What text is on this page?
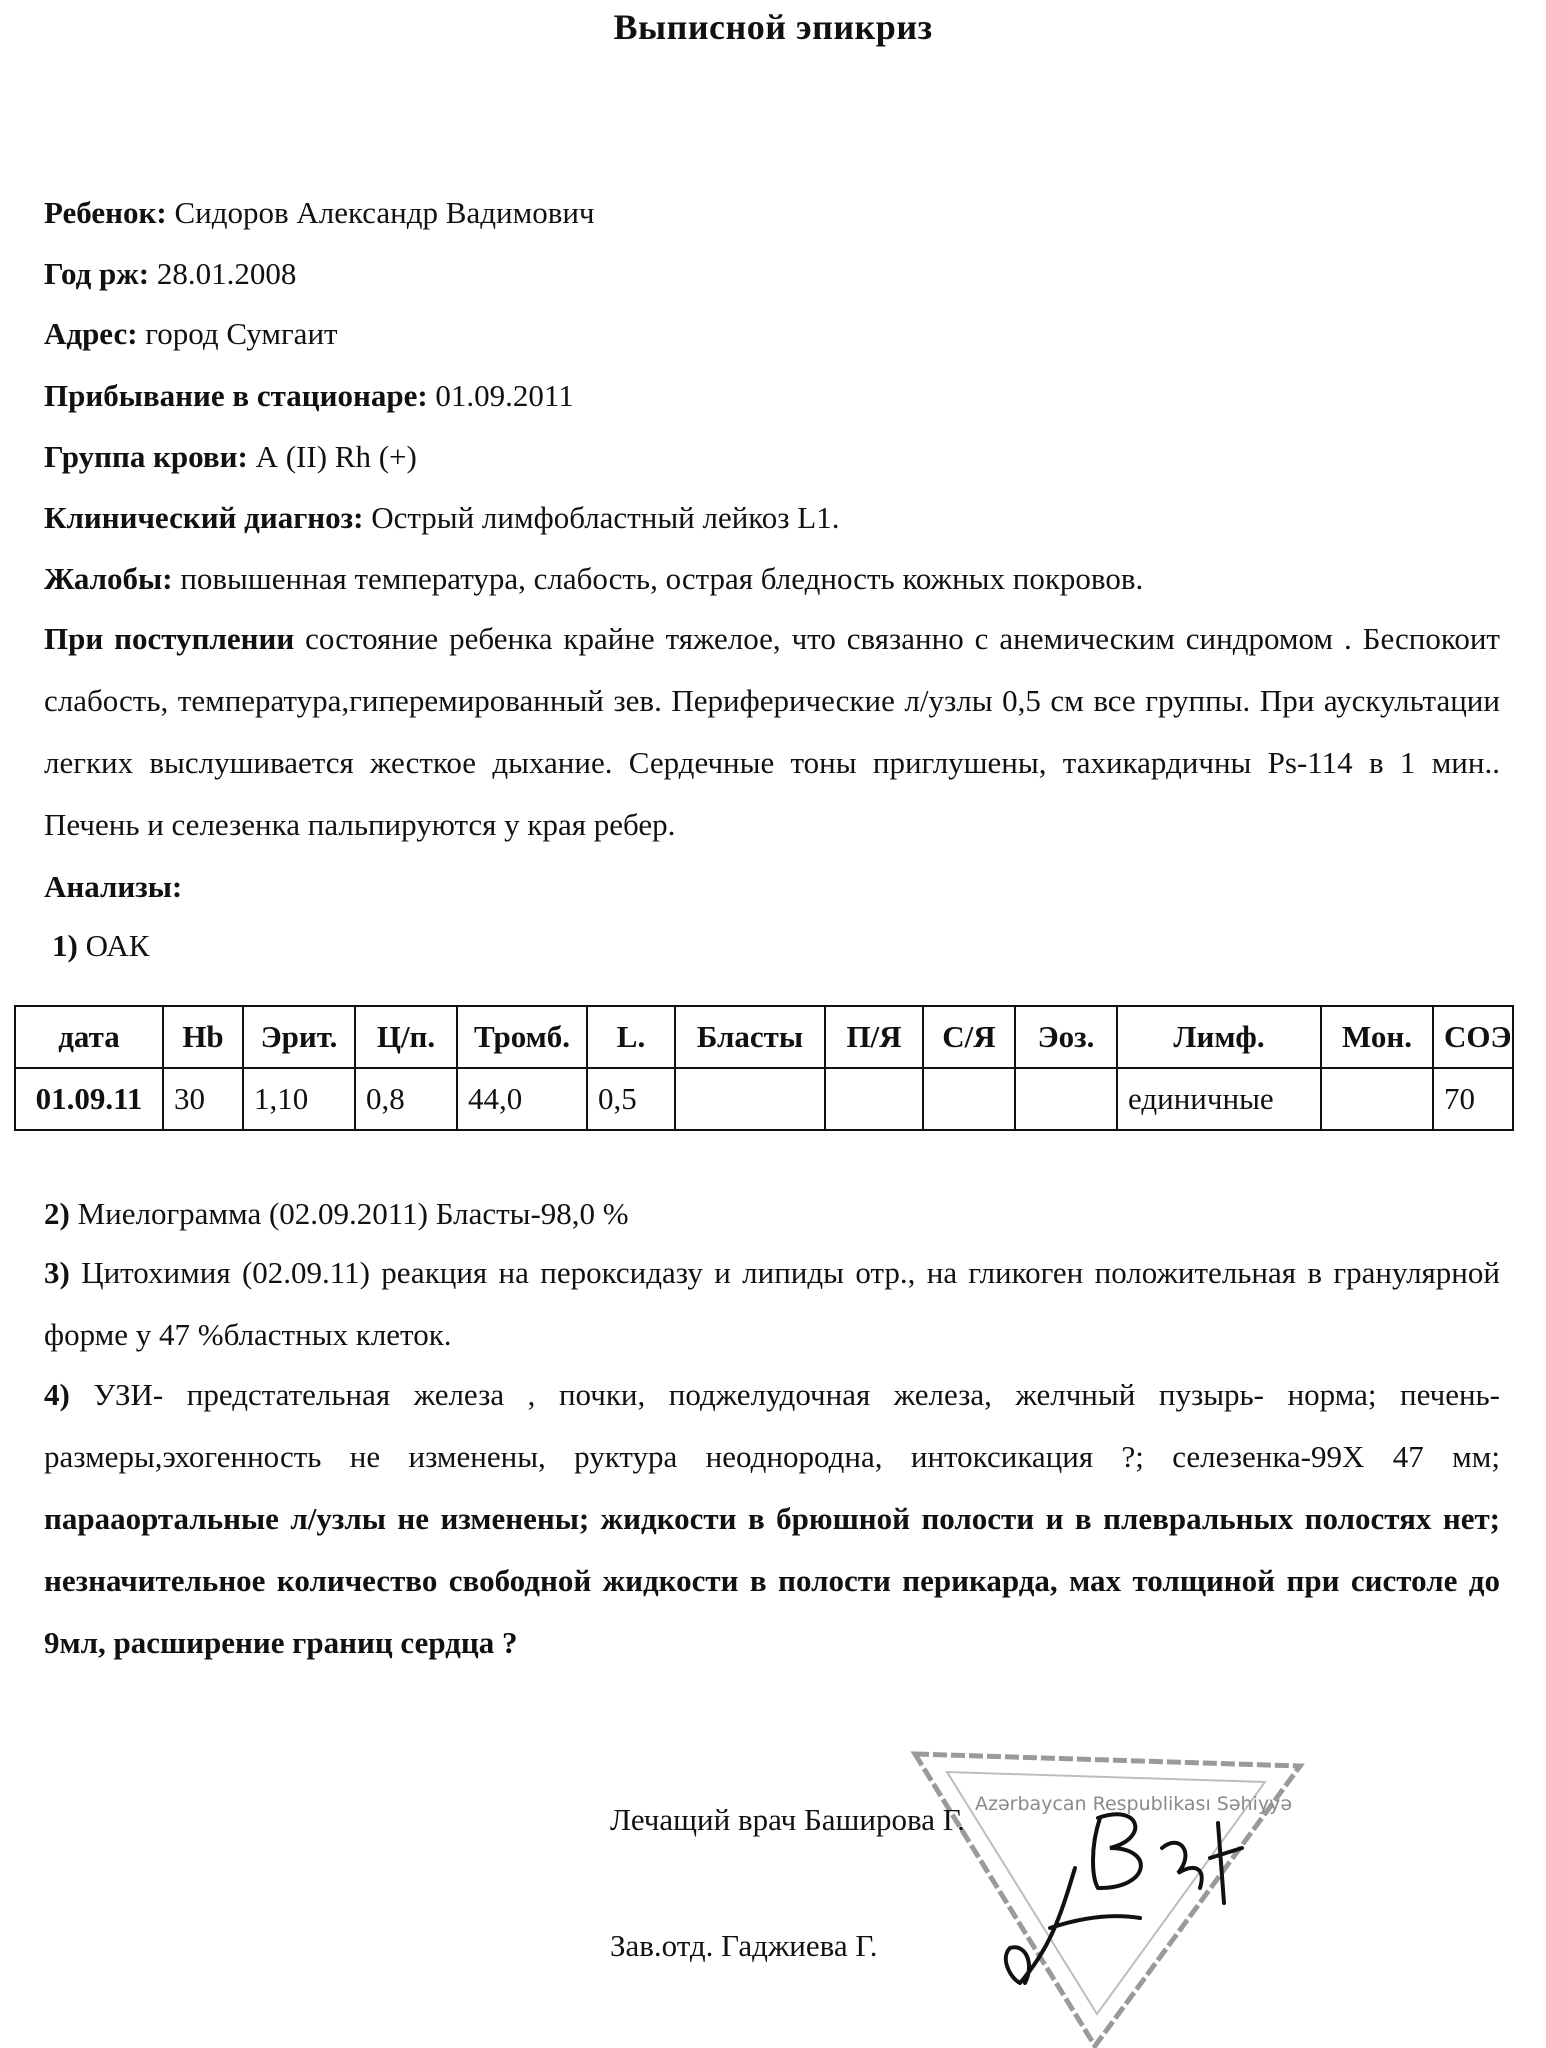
Выписной эпикриз
Ребенок: Сидоров Александр Вадимович
Год рж: 28.01.2008
Адрес: город Сумгаит
Прибывание в стационаре: 01.09.2011
Группа крови: А (II) Rh (+)
Клинический диагноз: Острый лимфобластный лейкоз L1.
Жалобы: повышенная температура, слабость, острая бледность кожных покровов.
При поступлении состояние ребенка крайне тяжелое, что связанно с анемическим синдромом . Беспокоит слабость, температура,гиперемированный зев. Периферические л/узлы 0,5 см все группы. При аускультации легких выслушивается жесткое дыхание. Сердечные тоны приглушены, тахикардичны Ps-114 в 1 мин.. Печень и селезенка пальпируются у края ребер.
Анализы:
1) ОАК
дата	Hb	Эрит.	Ц/п.	Тромб.	L.	Бласты	П/Я	С/Я	Эоз.	Лимф.	Мон.	СОЭ
01.09.11	30	1,10	0,8	44,0	0,5					единичные		70
2) Миелограмма (02.09.2011) Бласты-98,0 %
3) Цитохимия (02.09.11) реакция на пероксидазу и липиды отр., на гликоген положительная в гранулярной форме у 47 %бластных клеток.
4) УЗИ- предстательная железа , почки, поджелудочная железа, желчный пузырь- норма; печень-размеры,эхогенность не изменены, руктура неоднородна, интоксикация ?; селезенка-99Х 47 мм; парааортальные л/узлы не изменены; жидкости в брюшной полости и в плевральных полостях нет; незначительное количество свободной жидкости в полости перикарда, мах толщиной при систоле до 9мл, расширение границ сердца ?
Azərbaycan Respublikası Səhiyyə
Лечащий врач Баширова Г.
Зав.отд. Гаджиева Г.
